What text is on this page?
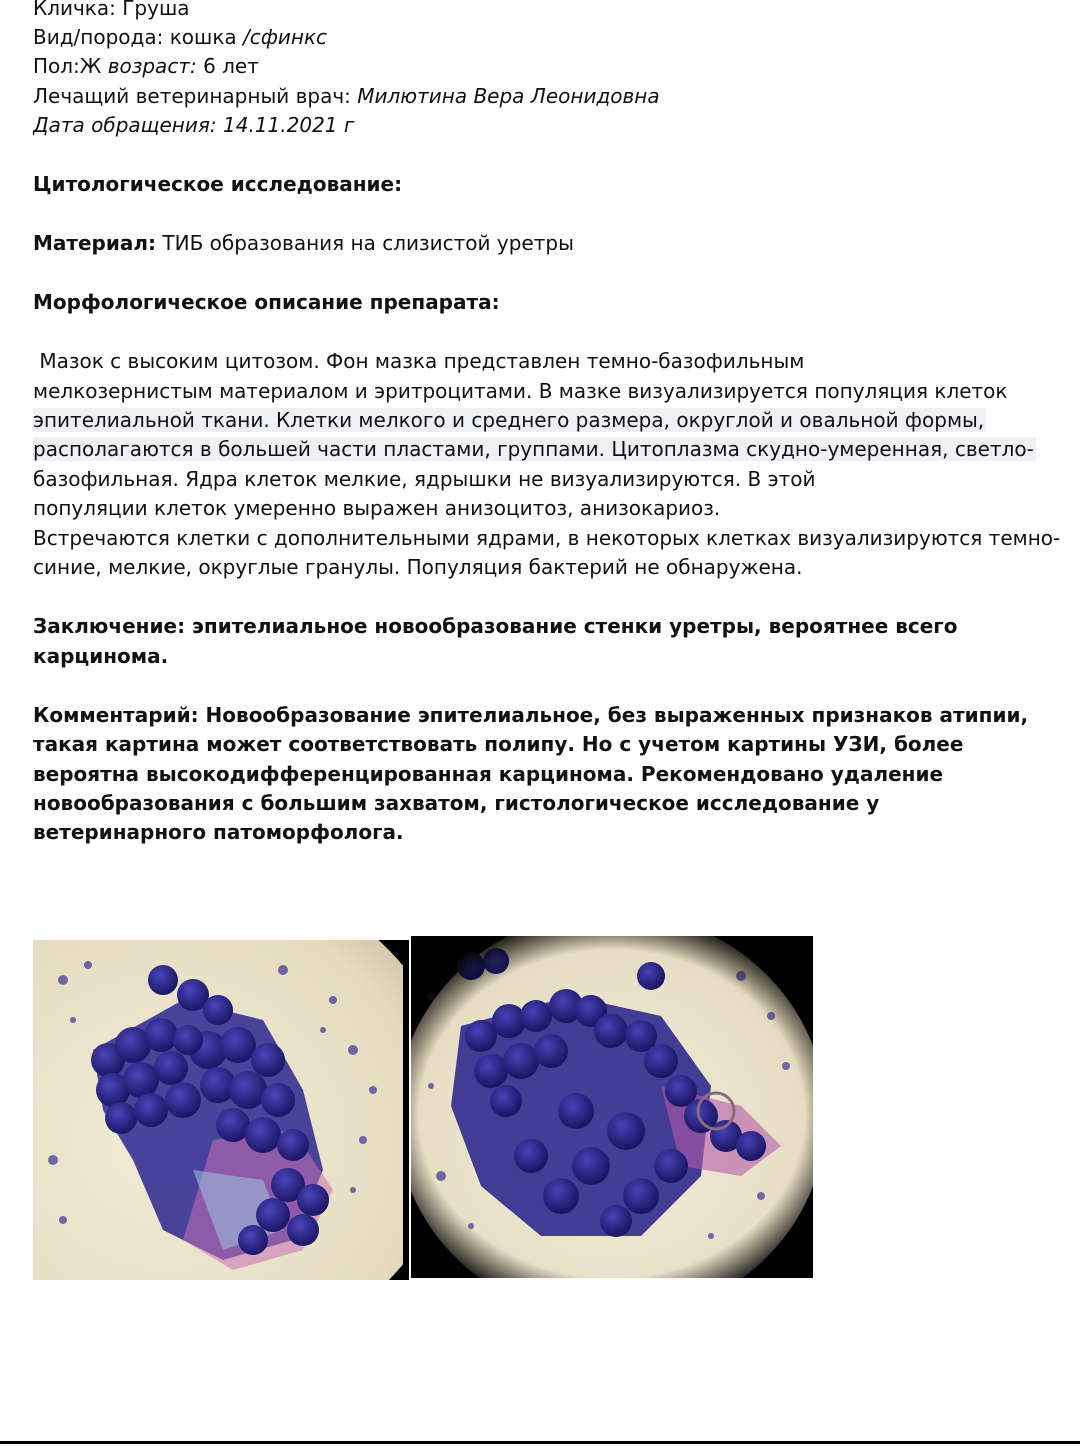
Кличка: Груша
Вид/порода: кошка /сфинкс
Пол:Ж возраст: 6 лет
Лечащий ветеринарный врач: Милютина Вера Леонидовна
Дата обращения: 14.11.2021 г
Цитологическое исследование:
Материал: ТИБ образования на слизистой уретры
Морфологическое описание препарата:
Мазок с высоким цитозом. Фон мазка представлен темно-базофильным
мелкозернистым материалом и эритроцитами. В мазке визуализируется популяция клеток
эпителиальной ткани. Клетки мелкого и среднего размера, округлой и овальной формы,
располагаются в большей части пластами, группами. Цитоплазма скудно-умеренная, светло-
базофильная. Ядра клеток мелкие, ядрышки не визуализируются. В этой
популяции клеток умеренно выражен анизоцитоз, анизокариоз.
Встречаются клетки с дополнительными ядрами, в некоторых клетках визуализируются темно-
синие, мелкие, округлые гранулы. Популяция бактерий не обнаружена.
Заключение: эпителиальное новообразование стенки уретры, вероятнее всего
карцинома.
Комментарий: Новообразование эпителиальное, без выраженных признаков атипии,
такая картина может соответствовать полипу. Но с учетом картины УЗИ, более
вероятна высокодифференцированная карцинома. Рекомендовано удаление
новообразования с большим захватом, гистологическое исследование у
ветеринарного патоморфолога.
